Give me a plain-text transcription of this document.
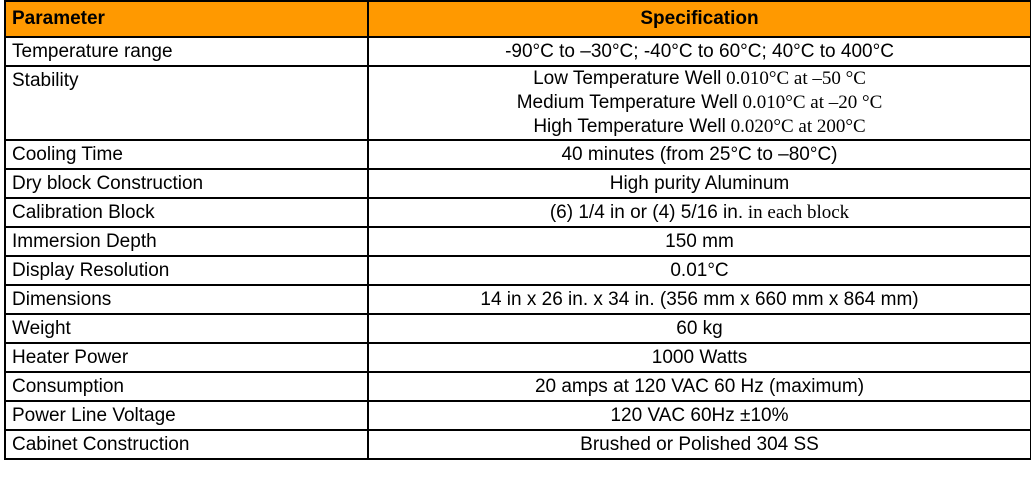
Parameter	Specification
Temperature range	-90°C to –30°C; -40°C to 60°C; 40°C to 400°C
Stability	Low Temperature Well 0.010°C at –50 °C
Medium Temperature Well 0.010°C at –20 °C
High Temperature Well 0.020°C at 200°C

Cooling Time	40 minutes (from 25°C to –80°C)
Dry block Construction	High purity Aluminum
Calibration Block	(6) 1/4 in or (4) 5/16 in. in each block
Immersion Depth	150 mm
Display Resolution	0.01°C
Dimensions	14 in x 26 in. x 34 in. (356 mm x 660 mm x 864 mm)
Weight	60 kg
Heater Power	1000 Watts
Consumption	20 amps at 120 VAC 60 Hz (maximum)
Power Line Voltage	120 VAC 60Hz ±10%
Cabinet Construction	Brushed or Polished 304 SS
